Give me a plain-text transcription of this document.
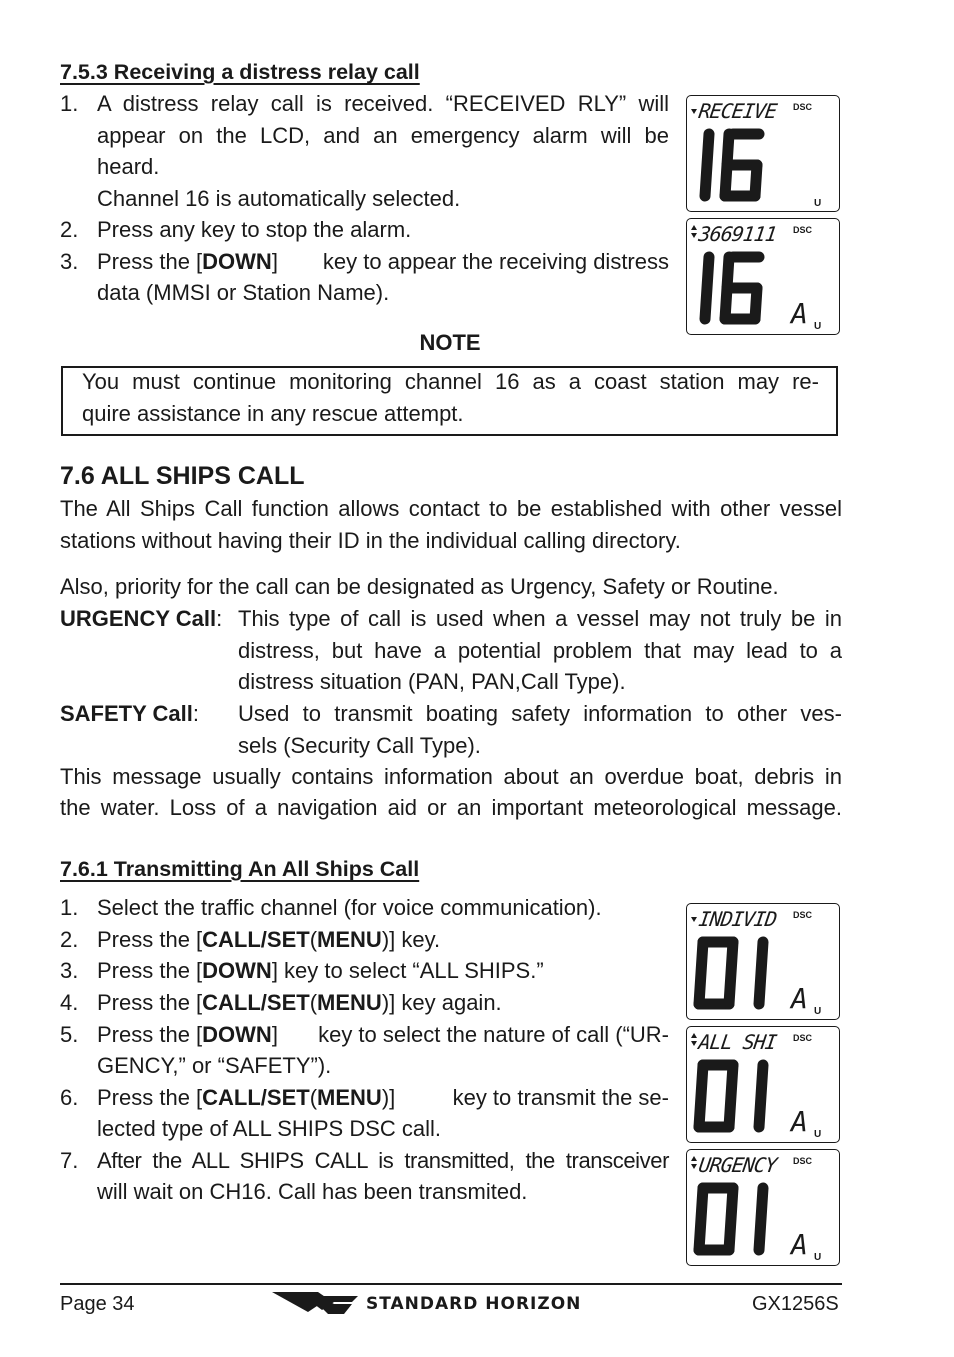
7.5.3 Receiving a distress relay call
1. A distress relay call is received. “RECEIVED RLY” will
appear on the LCD, and an emergency alarm will be
heard.
Channel 16 is automatically selected.
2. Press any key to stop the alarm.
3. Press the [DOWN] key to appear the receiving distress
data (MMSI or Station Name).
NOTE
You must continue monitoring channel 16 as a coast station may re-
quire assistance in any rescue attempt.
7.6 ALL SHIPS CALL
The All Ships Call function allows contact to be established with other vessel
stations without having their ID in the individual calling directory.
Also, priority for the call can be designated as Urgency, Safety or Routine.
URGENCY Call: This type of call is used when a vessel may not truly be in
distress, but have a potential problem that may lead to a
distress situation (PAN, PAN,Call Type).
SAFETY Call: Used to transmit boating safety information to other ves-
sels (Security Call Type).
This message usually contains information about an overdue boat, debris in
the water. Loss of a navigation aid or an important meteorological message.
7.6.1 Transmitting An All Ships Call
1. Select the traffic channel (for voice communication).
2. Press the [CALL/SET(MENU)] key.
3. Press the [DOWN] key to select “ALL SHIPS.”
4. Press the [CALL/SET(MENU)] key again.
5. Press the [DOWN] key to select the nature of call (“UR-
GENCY,” or “SAFETY”).
6. Press the [CALL/SET(MENU)]	key to transmit the se-
lected type of ALL SHIPS DSC call.
7. After the ALL SHIPS CALL is transmitted, the transceiver
will wait on CH16. Call has been transmited.
RECEIVE DSC
U
3669111 DSC
A U
INDIVID DSC
A U
ALL SHI DSC
A U
URGENCY	DSC
A U
Page 34	STANDARD HORIZON	GX1256S
